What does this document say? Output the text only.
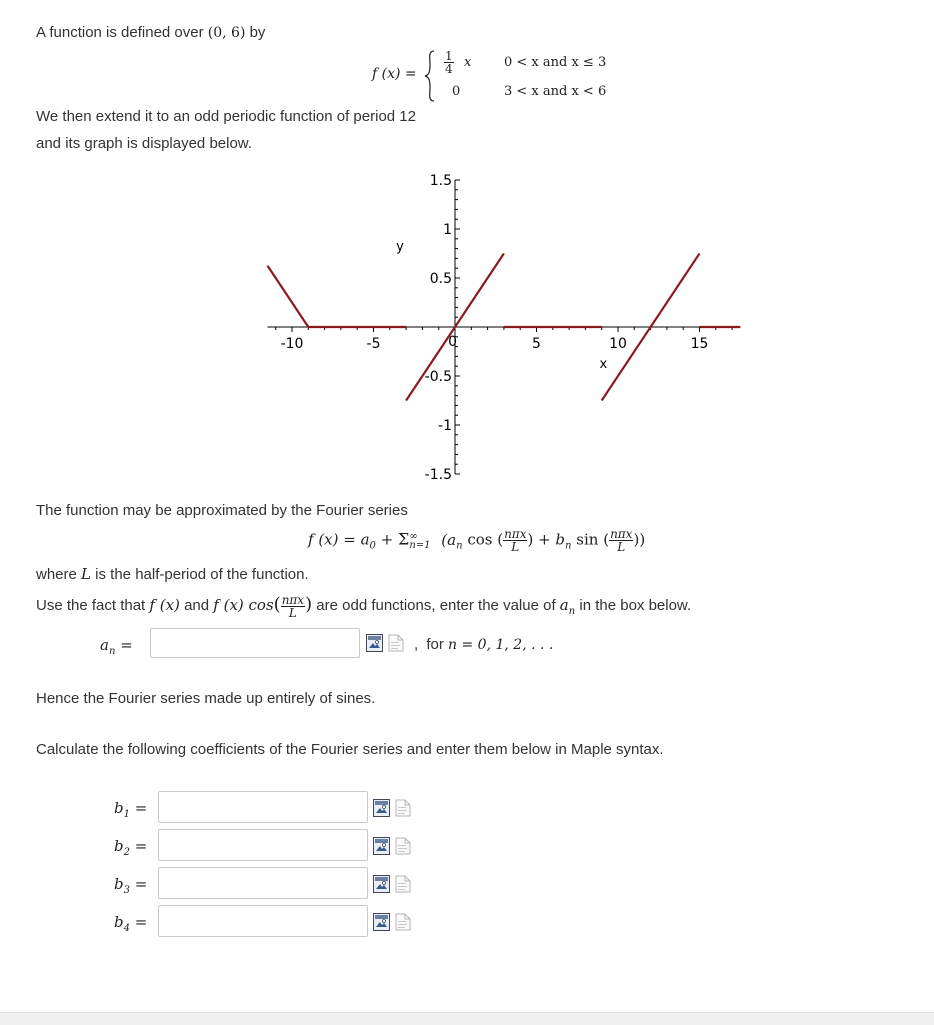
A function is defined over (0, 6) by
f $(x) = \frac{1}{4}$ x	0 < x and x ≤ 3
0	3 < x and x < 6
We then extend it to an odd periodic function of period 12
and its graph is displayed below.
-10	-5	5	10	15
1.5
1
0.5
-0.5
-1
-1.5
0
x
y
The function may be approximated by the Fourier series
f $(x) = a_0 + \Sigma$ ∞
n=1 ($a_n$ cos ( $\frac{\text{nπx}}{L}$ ) + $b_n$ sin ( $\frac{\text{nπx}}{L}$ ))
where L is the half-period of the function.
Use the fact that f (x) and f (x) $\cos( \frac{\text{nπx}}{L}$ ) are odd functions, enter the value of $a_n$ in the box below.
$a_n$ =	, for n = 0, 1, 2, . . .
Hence the Fourier series made up entirely of sines.
Calculate the following coefficients of the Fourier series and enter them below in Maple syntax.
$b_1$ =
$b_2$ =
$b_3$ =
$b_4$ =
